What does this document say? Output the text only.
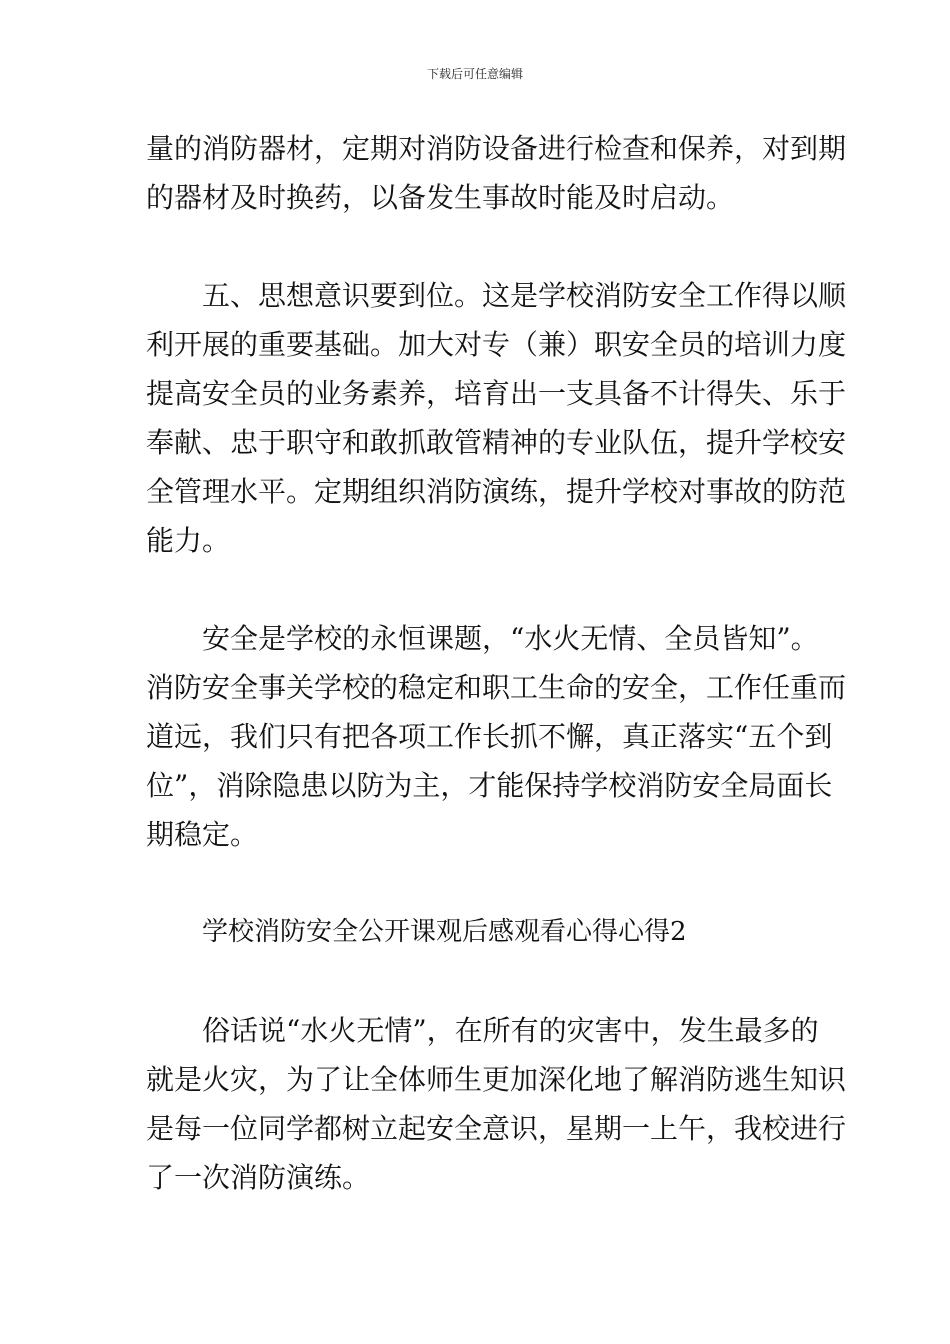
下载后可任意编辑

量的消防器材，定期对消防设备进行检查和保养，对到期
的器材及时换药，以备发生事故时能及时启动。

五、思想意识要到位。这是学校消防安全工作得以顺
利开展的重要基础。加大对专（兼）职安全员的培训力度
提高安全员的业务素养，培育出一支具备不计得失、乐于
奉献、忠于职守和敢抓敢管精神的专业队伍，提升学校安
全管理水平。定期组织消防演练，提升学校对事故的防范
能力。

安全是学校的永恒课题，“水火无情、全员皆知”。
消防安全事关学校的稳定和职工生命的安全，工作任重而
道远，我们只有把各项工作长抓不懈，真正落实“五个到
位”，消除隐患以防为主，才能保持学校消防安全局面长
期稳定。

学校消防安全公开课观后感观看心得心得2

俗话说“水火无情”，在所有的灾害中，发生最多的
就是火灾，为了让全体师生更加深化地了解消防逃生知识
是每一位同学都树立起安全意识，星期一上午，我校进行
了一次消防演练。
